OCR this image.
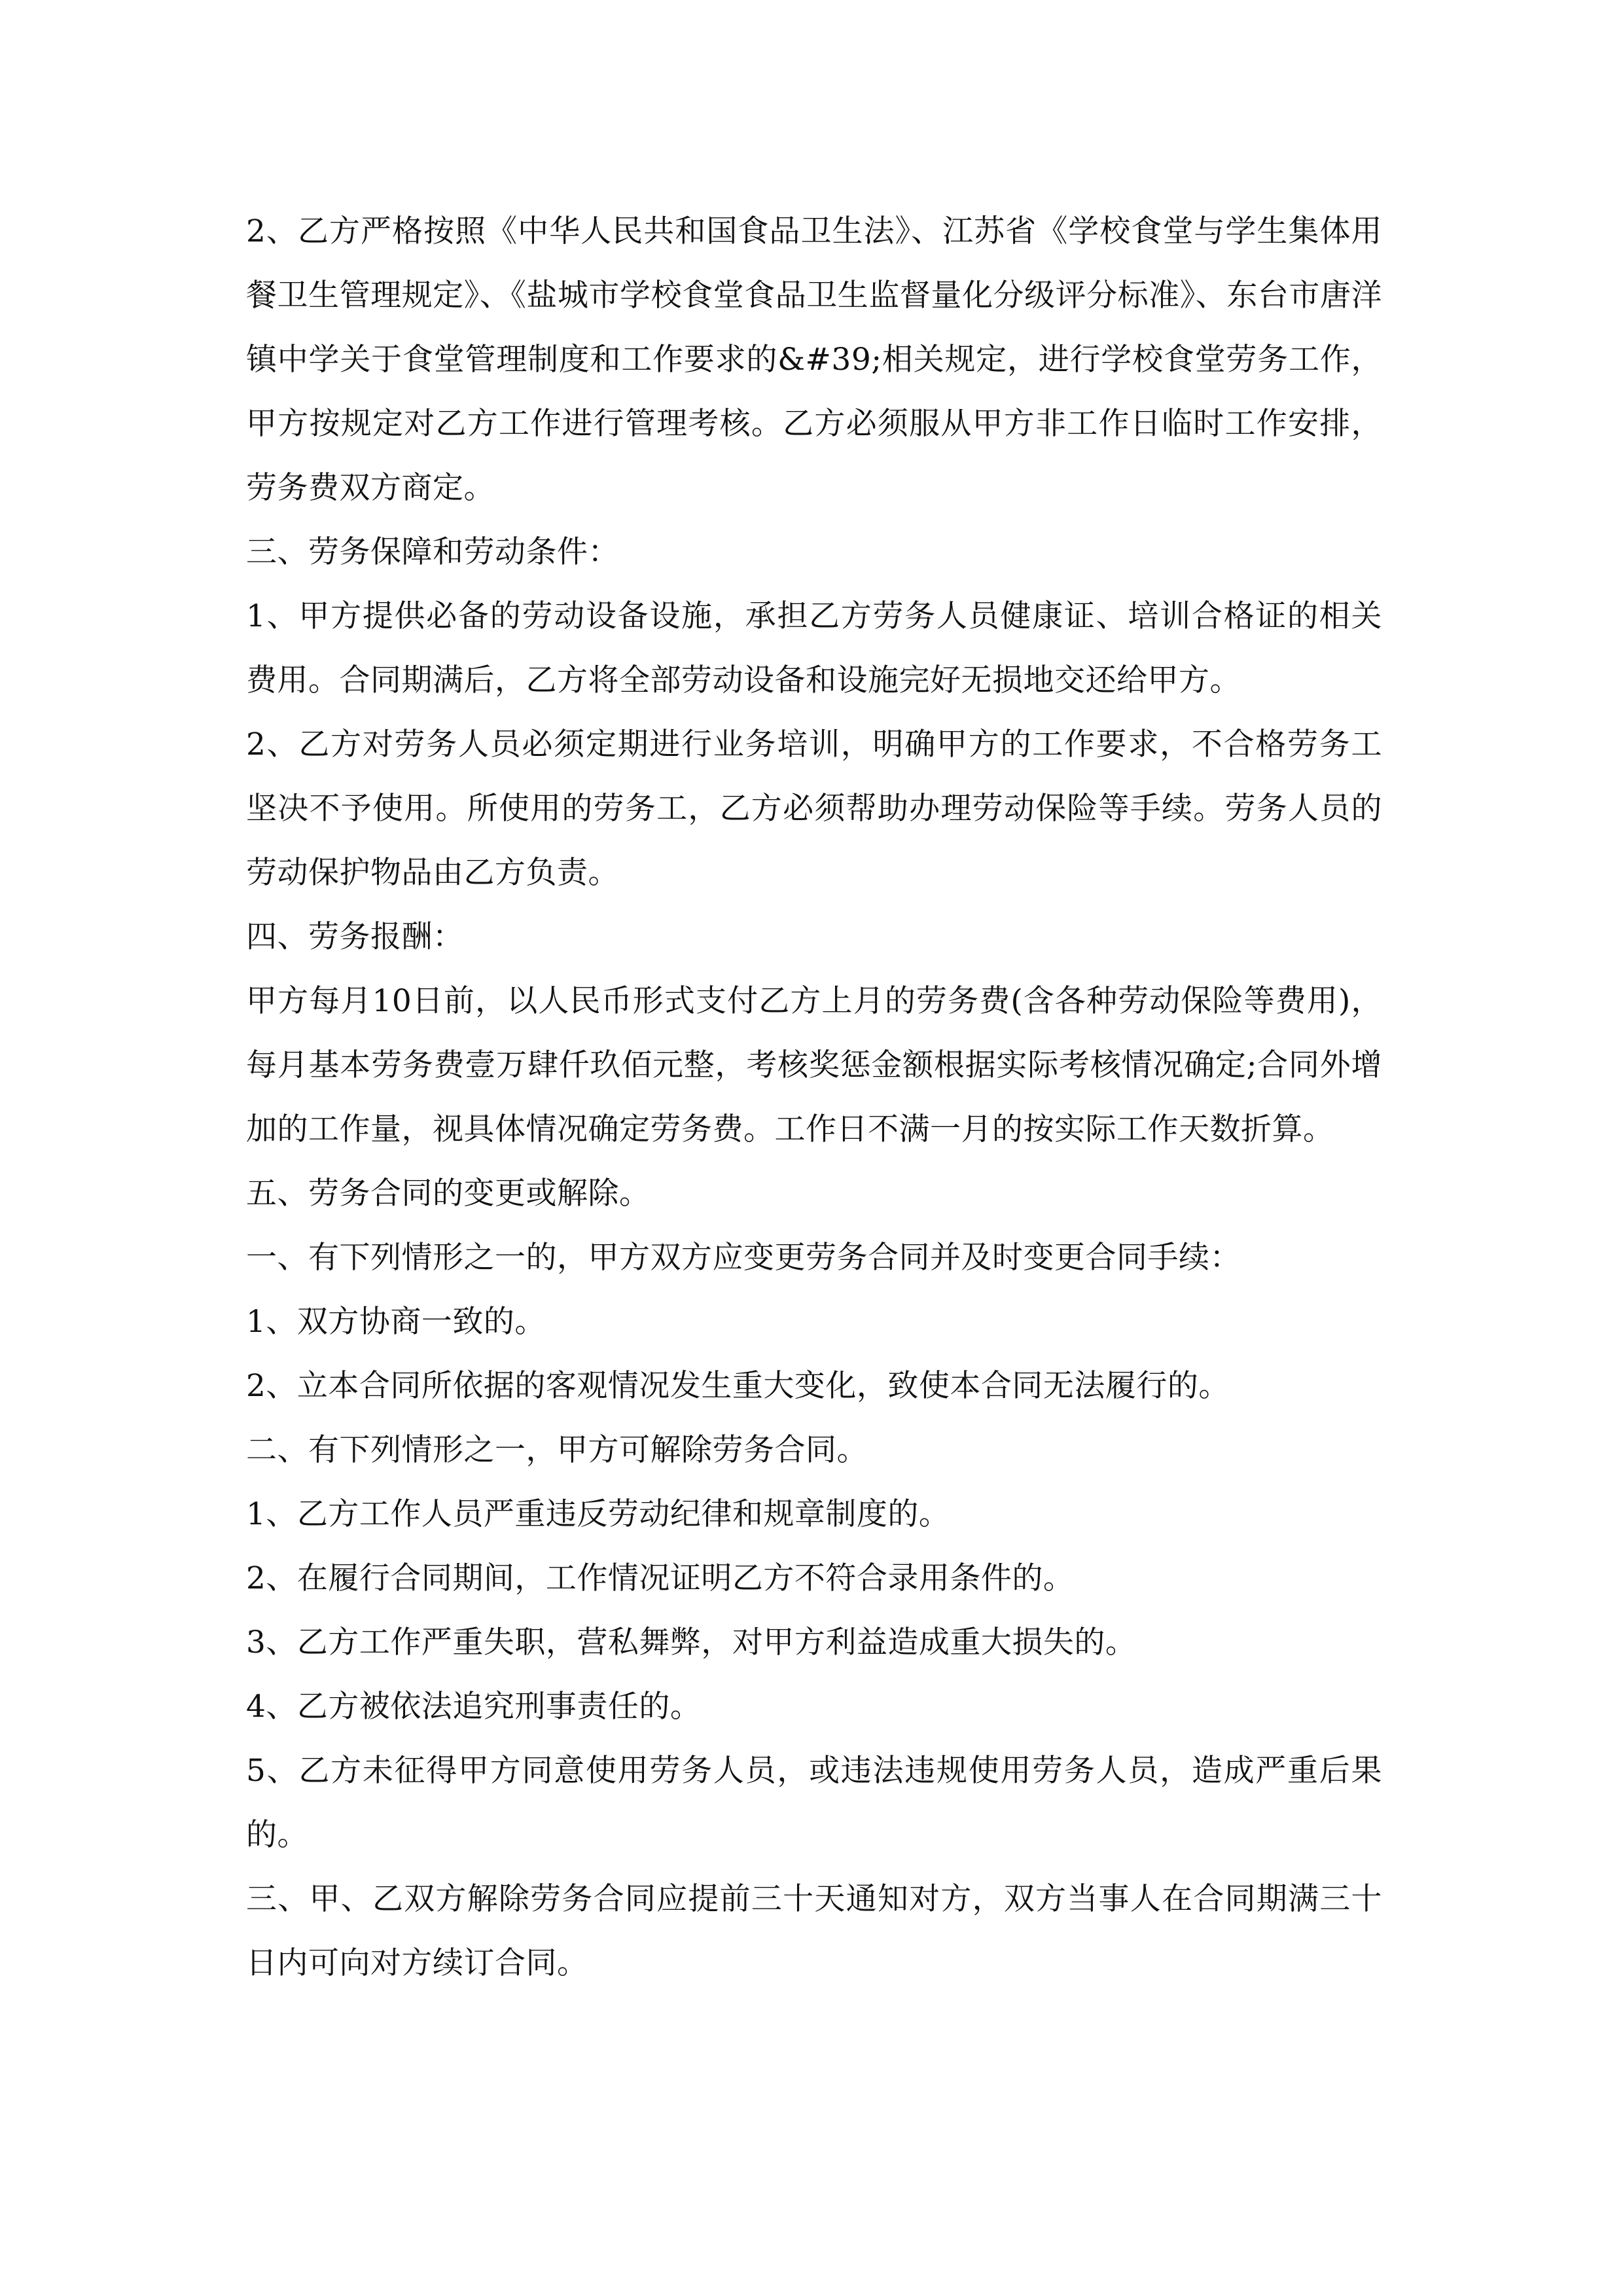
2、乙方严格按照《中华人民共和国食品卫生法》、江苏省《学校食堂与学生集体用餐卫生管理规定》、《盐城市学校食堂食品卫生监督量化分级评分标准》、东台市唐洋镇中学关于食堂管理制度和工作要求的&#39;相关规定，进行学校食堂劳务工作，甲方按规定对乙方工作进行管理考核。乙方必须服从甲方非工作日临时工作安排，劳务费双方商定。

三、劳务保障和劳动条件：

1、甲方提供必备的劳动设备设施，承担乙方劳务人员健康证、培训合格证的相关费用。合同期满后，乙方将全部劳动设备和设施完好无损地交还给甲方。

2、乙方对劳务人员必须定期进行业务培训，明确甲方的工作要求，不合格劳务工坚决不予使用。所使用的劳务工，乙方必须帮助办理劳动保险等手续。劳务人员的劳动保护物品由乙方负责。

四、劳务报酬：

甲方每月10日前，以人民币形式支付乙方上月的劳务费(含各种劳动保险等费用)，每月基本劳务费壹万肆仟玖佰元整，考核奖惩金额根据实际考核情况确定;合同外增加的工作量，视具体情况确定劳务费。工作日不满一月的按实际工作天数折算。

五、劳务合同的变更或解除。

一、有下列情形之一的，甲方双方应变更劳务合同并及时变更合同手续：

1、双方协商一致的。

2、立本合同所依据的客观情况发生重大变化，致使本合同无法履行的。

二、有下列情形之一，甲方可解除劳务合同。

1、乙方工作人员严重违反劳动纪律和规章制度的。

2、在履行合同期间，工作情况证明乙方不符合录用条件的。

3、乙方工作严重失职，营私舞弊，对甲方利益造成重大损失的。

4、乙方被依法追究刑事责任的。

5、乙方未征得甲方同意使用劳务人员，或违法违规使用劳务人员，造成严重后果的。

三、甲、乙双方解除劳务合同应提前三十天通知对方，双方当事人在合同期满三十日内可向对方续订合同。
